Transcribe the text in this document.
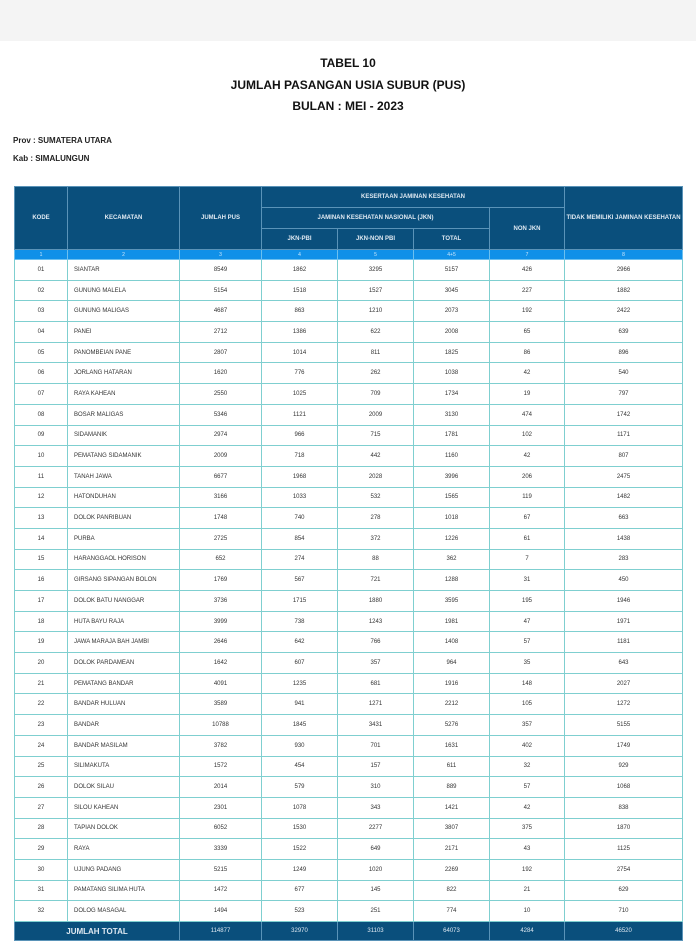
TABEL 10
JUMLAH PASANGAN USIA SUBUR (PUS)
BULAN : MEI - 2023
Prov : SUMATERA UTARA
Kab : SIMALUNGUN
KODE	KECAMATAN	JUMLAH PUS	KESERTAAN JAMINAN KESEHATAN				TIDAK MEMILIKI JAMINAN KESEHATAN
			JAMINAN KESEHATAN NASIONAL (JKN)			NON JKN	
			JKN-PBI	JKN-NON PBI	TOTAL		
1	2	3	4	5	4+5	7	8
01	SIANTAR	8549	1862	3295	5157	426	2966
02	GUNUNG MALELA	5154	1518	1527	3045	227	1882
03	GUNUNG MALIGAS	4687	863	1210	2073	192	2422
04	PANEI	2712	1386	622	2008	65	639
05	PANOMBEIAN PANE	2807	1014	811	1825	86	896
06	JORLANG HATARAN	1620	776	262	1038	42	540
07	RAYA KAHEAN	2550	1025	709	1734	19	797
08	BOSAR MALIGAS	5346	1121	2009	3130	474	1742
09	SIDAMANIK	2974	966	715	1781	102	1171
10	PEMATANG SIDAMANIK	2009	718	442	1160	42	807
11	TANAH JAWA	6677	1968	2028	3996	206	2475
12	HATONDUHAN	3166	1033	532	1565	119	1482
13	DOLOK PANRIBUAN	1748	740	278	1018	67	663
14	PURBA	2725	854	372	1226	61	1438
15	HARANGGAOL HORISON	652	274	88	362	7	283
16	GIRSANG SIPANGAN BOLON	1769	567	721	1288	31	450
17	DOLOK BATU NANGGAR	3736	1715	1880	3595	195	1946
18	HUTA BAYU RAJA	3999	738	1243	1981	47	1971
19	JAWA MARAJA BAH JAMBI	2646	642	766	1408	57	1181
20	DOLOK PARDAMEAN	1642	607	357	964	35	643
21	PEMATANG BANDAR	4091	1235	681	1916	148	2027
22	BANDAR HULUAN	3589	941	1271	2212	105	1272
23	BANDAR	10788	1845	3431	5276	357	5155
24	BANDAR MASILAM	3782	930	701	1631	402	1749
25	SILIMAKUTA	1572	454	157	611	32	929
26	DOLOK SILAU	2014	579	310	889	57	1068
27	SILOU KAHEAN	2301	1078	343	1421	42	838
28	TAPIAN DOLOK	6052	1530	2277	3807	375	1870
29	RAYA	3339	1522	649	2171	43	1125
30	UJUNG PADANG	5215	1249	1020	2269	192	2754
31	PAMATANG SILIMA HUTA	1472	677	145	822	21	629
32	DOLOG MASAGAL	1494	523	251	774	10	710
JUMLAH TOTAL		114877	32970	31103	64073	4284	46520
